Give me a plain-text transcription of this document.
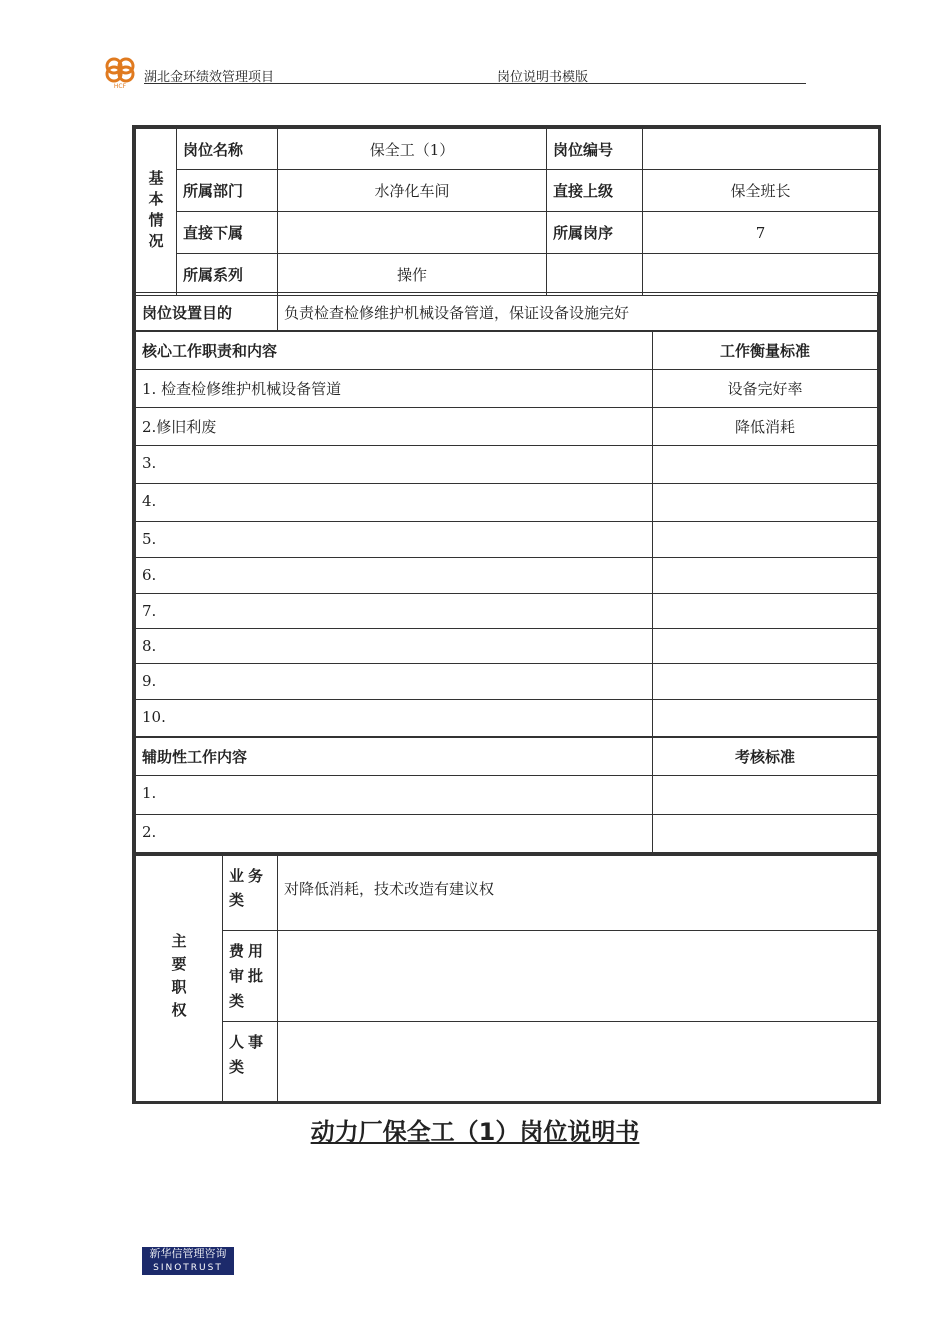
HCF
湖北金环绩效管理项目	岗位说明书模版
基本情况	岗位名称	保全工（1）	岗位编号	
	所属部门	水净化车间	直接上级	保全班长
	直接下属		所属岗序	7
	所属系列	操作		
岗位设置目的	负责检查检修维护机械设备管道，保证设备设施完好
核心工作职责和内容	工作衡量标准
1. 检查检修维护机械设备管道	设备完好率
2.修旧利废	降低消耗
3.	
4.	
5.	
6.	
7.	
8.	
9.	
10.	
辅助性工作内容	考核标准
1.	
2.	
主要职权	业务类	对降低消耗，技术改造有建议权
	费用审批类	
	人事类	
动力厂保全工（1）岗位说明书
新华信管理咨询
SINOTRUST
